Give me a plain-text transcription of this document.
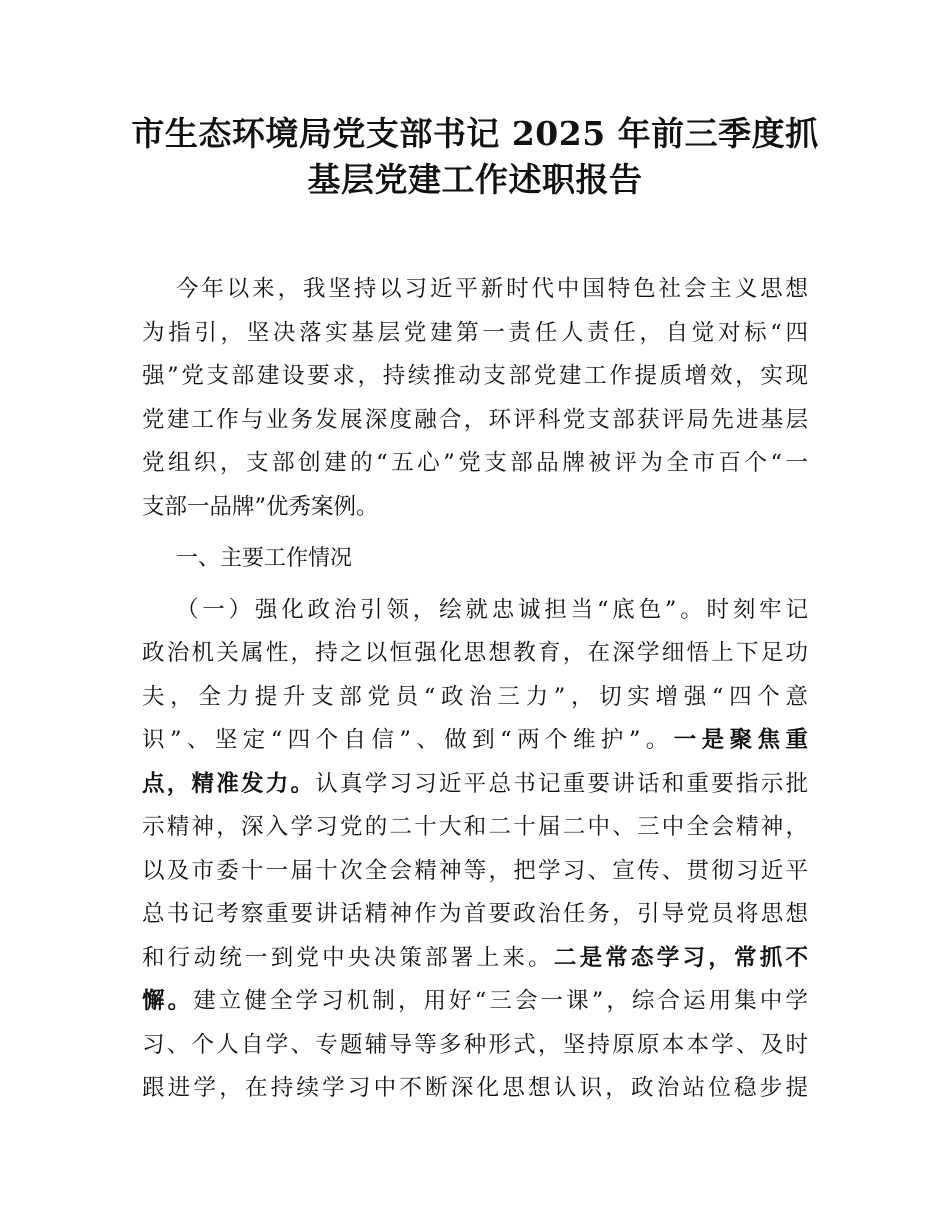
市生态环境局党支部书记 2025 年前三季度抓
基层党建工作述职报告
今年以来，我坚持以习近平新时代中国特色社会主义思想
为指引，坚决落实基层党建第一责任人责任，自觉对标“四
强”党支部建设要求，持续推动支部党建工作提质增效，实现
党建工作与业务发展深度融合，环评科党支部获评局先进基层
党组织，支部创建的“五心”党支部品牌被评为全市百个“一
支部一品牌”优秀案例。
一、主要工作情况
（一）强化政治引领，绘就忠诚担当“底色”。时刻牢记
政治机关属性，持之以恒强化思想教育，在深学细悟上下足功
夫，全力提升支部党员“政治三力”，切实增强“四个意
识”、坚定“四个自信”、做到“两个维护”。一是聚焦重
点，精准发力。认真学习习近平总书记重要讲话和重要指示批
示精神，深入学习党的二十大和二十届二中、三中全会精神，
以及市委十一届十次全会精神等，把学习、宣传、贯彻习近平
总书记考察重要讲话精神作为首要政治任务，引导党员将思想
和行动统一到党中央决策部署上来。二是常态学习，常抓不
懈。建立健全学习机制，用好“三会一课”，综合运用集中学
习、个人自学、专题辅导等多种形式，坚持原原本本学、及时
跟进学，在持续学习中不断深化思想认识，政治站位稳步提
